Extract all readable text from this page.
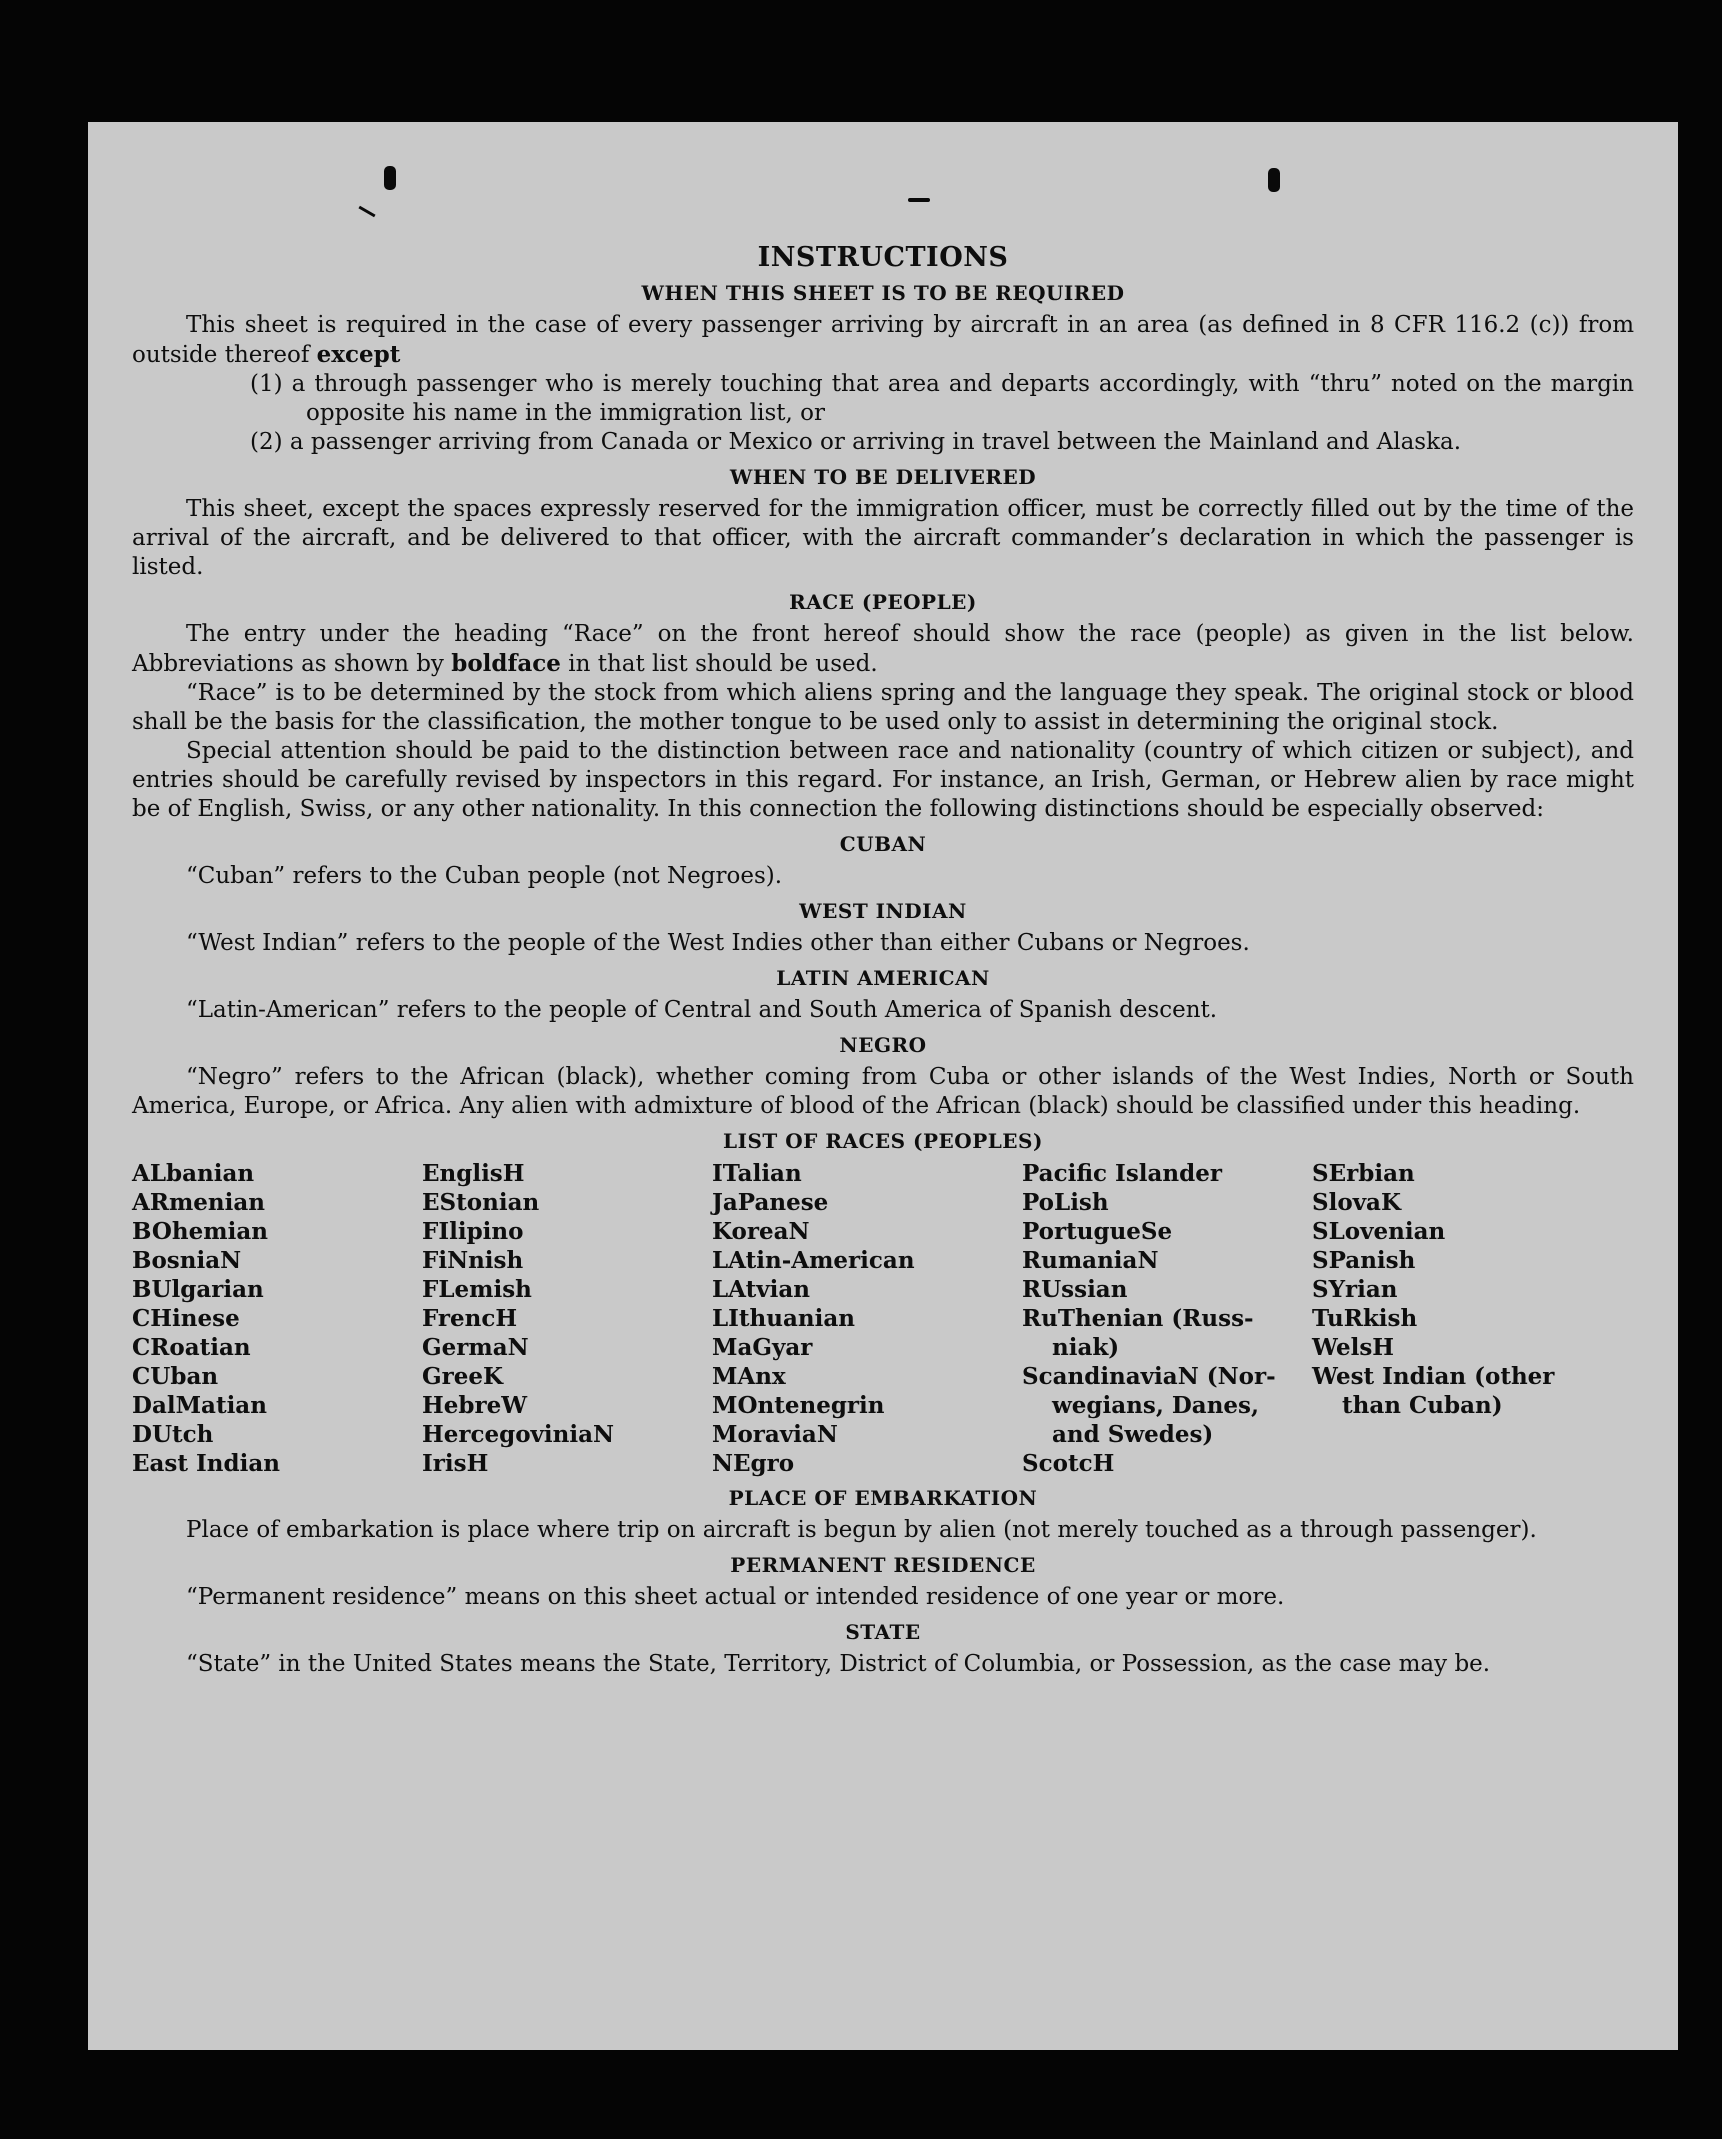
INSTRUCTIONS
WHEN THIS SHEET IS TO BE REQUIRED

This sheet is required in the case of every passenger arriving by aircraft in an area (as defined in 8 CFR 116.2 (c)) from outside thereof except

(1) a through passenger who is merely touching that area and departs accordingly, with “thru” noted on the margin opposite his name in the immigration list, or

(2) a passenger arriving from Canada or Mexico or arriving in travel between the Mainland and Alaska.

WHEN TO BE DELIVERED

This sheet, except the spaces expressly reserved for the immigration officer, must be correctly filled out by the time of the arrival of the aircraft, and be delivered to that officer, with the aircraft commander’s declaration in which the passenger is listed.

RACE (PEOPLE)

The entry under the heading “Race” on the front hereof should show the race (people) as given in the list below. Abbreviations as shown by boldface in that list should be used.

“Race” is to be determined by the stock from which aliens spring and the language they speak. The original stock or blood shall be the basis for the classification, the mother tongue to be used only to assist in determining the original stock.

Special attention should be paid to the distinction between race and nationality (country of which citizen or subject), and entries should be carefully revised by inspectors in this regard. For instance, an Irish, German, or Hebrew alien by race might be of English, Swiss, or any other nationality. In this connection the following distinctions should be especially observed:

CUBAN

“Cuban” refers to the Cuban people (not Negroes).

WEST INDIAN

“West Indian” refers to the people of the West Indies other than either Cubans or Negroes.

LATIN AMERICAN

“Latin-American” refers to the people of Central and South America of Spanish descent.

NEGRO

“Negro” refers to the African (black), whether coming from Cuba or other islands of the West Indies, North or South America, Europe, or Africa. Any alien with admixture of blood of the African (black) should be classified under this heading.

LIST OF RACES (PEOPLES)
ALbanian
ARmenian
BOhemian
BosniaN
BUlgarian
CHinese
CRoatian
CUban
DalMatian
DUtch
East Indian
EnglisH
EStonian
FIlipino
FiNnish
FLemish
FrencH
GermaN
GreeK
HebreW
HercegoviniaN
IrisH
ITalian
JaPanese
KoreaN
LAtin-American
LAtvian
LIthuanian
MaGyar
MAnx
MOntenegrin
MoraviaN
NEgro
Pacific Islander
PoLish
PortugueSe
RumaniaN
RUssian
RuThenian (Russ-
niak)
ScandinaviaN (Nor-
wegians, Danes,
and Swedes)
ScotcH
SErbian
SlovaK
SLovenian
SPanish
SYrian
TuRkish
WelsH
West Indian (other
than Cuban)
PLACE OF EMBARKATION

Place of embarkation is place where trip on aircraft is begun by alien (not merely touched as a through passenger).

PERMANENT RESIDENCE

“Permanent residence” means on this sheet actual or intended residence of one year or more.

STATE

“State” in the United States means the State, Territory, District of Columbia, or Possession, as the case may be.
